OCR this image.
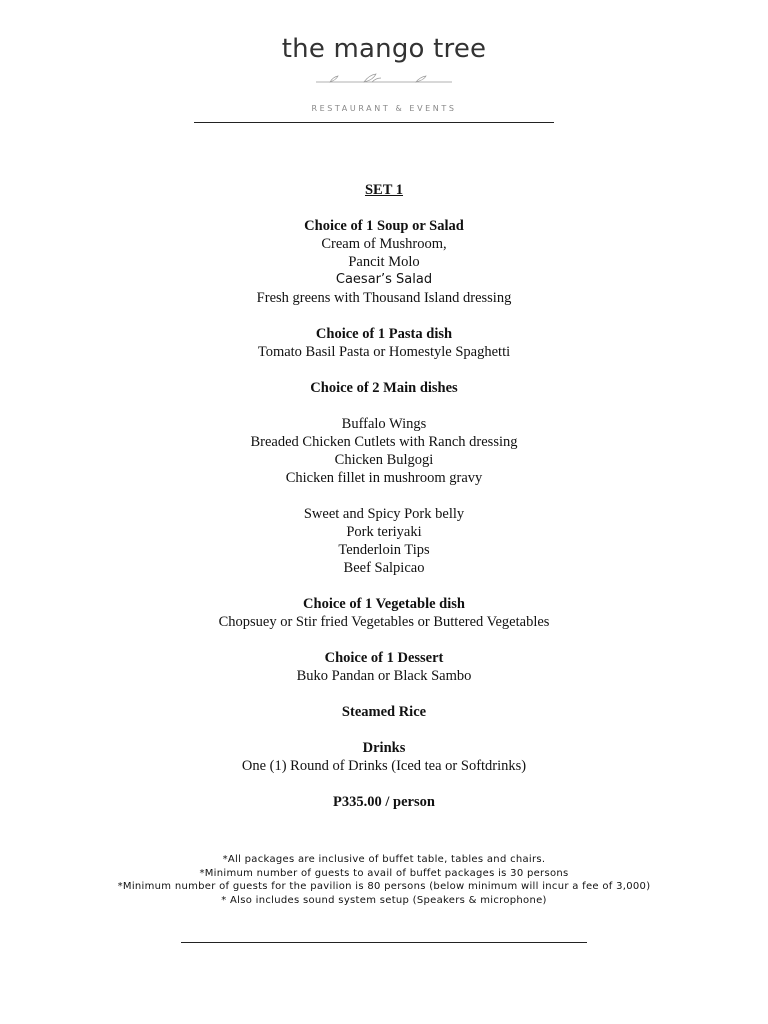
the mango tree
RESTAURANT & EVENTS
SET 1
Choice of 1 Soup or Salad
Cream of Mushroom,
Pancit Molo
Caesar’s Salad
Fresh greens with Thousand Island dressing
Choice of 1 Pasta dish
Tomato Basil Pasta or Homestyle Spaghetti
Choice of 2 Main dishes
Buffalo Wings
Breaded Chicken Cutlets with Ranch dressing
Chicken Bulgogi
Chicken fillet in mushroom gravy
Sweet and Spicy Pork belly
Pork teriyaki
Tenderloin Tips
Beef Salpicao
Choice of 1 Vegetable dish
Chopsuey or Stir fried Vegetables or Buttered Vegetables
Choice of 1 Dessert
Buko Pandan or Black Sambo
Steamed Rice
Drinks
One (1) Round of Drinks (Iced tea or Softdrinks)
P335.00 / person
*All packages are inclusive of buffet table, tables and chairs.
*Minimum number of guests to avail of buffet packages is 30 persons
*Minimum number of guests for the pavilion is 80 persons (below minimum will incur a fee of 3,000)
* Also includes sound system setup (Speakers & microphone)
